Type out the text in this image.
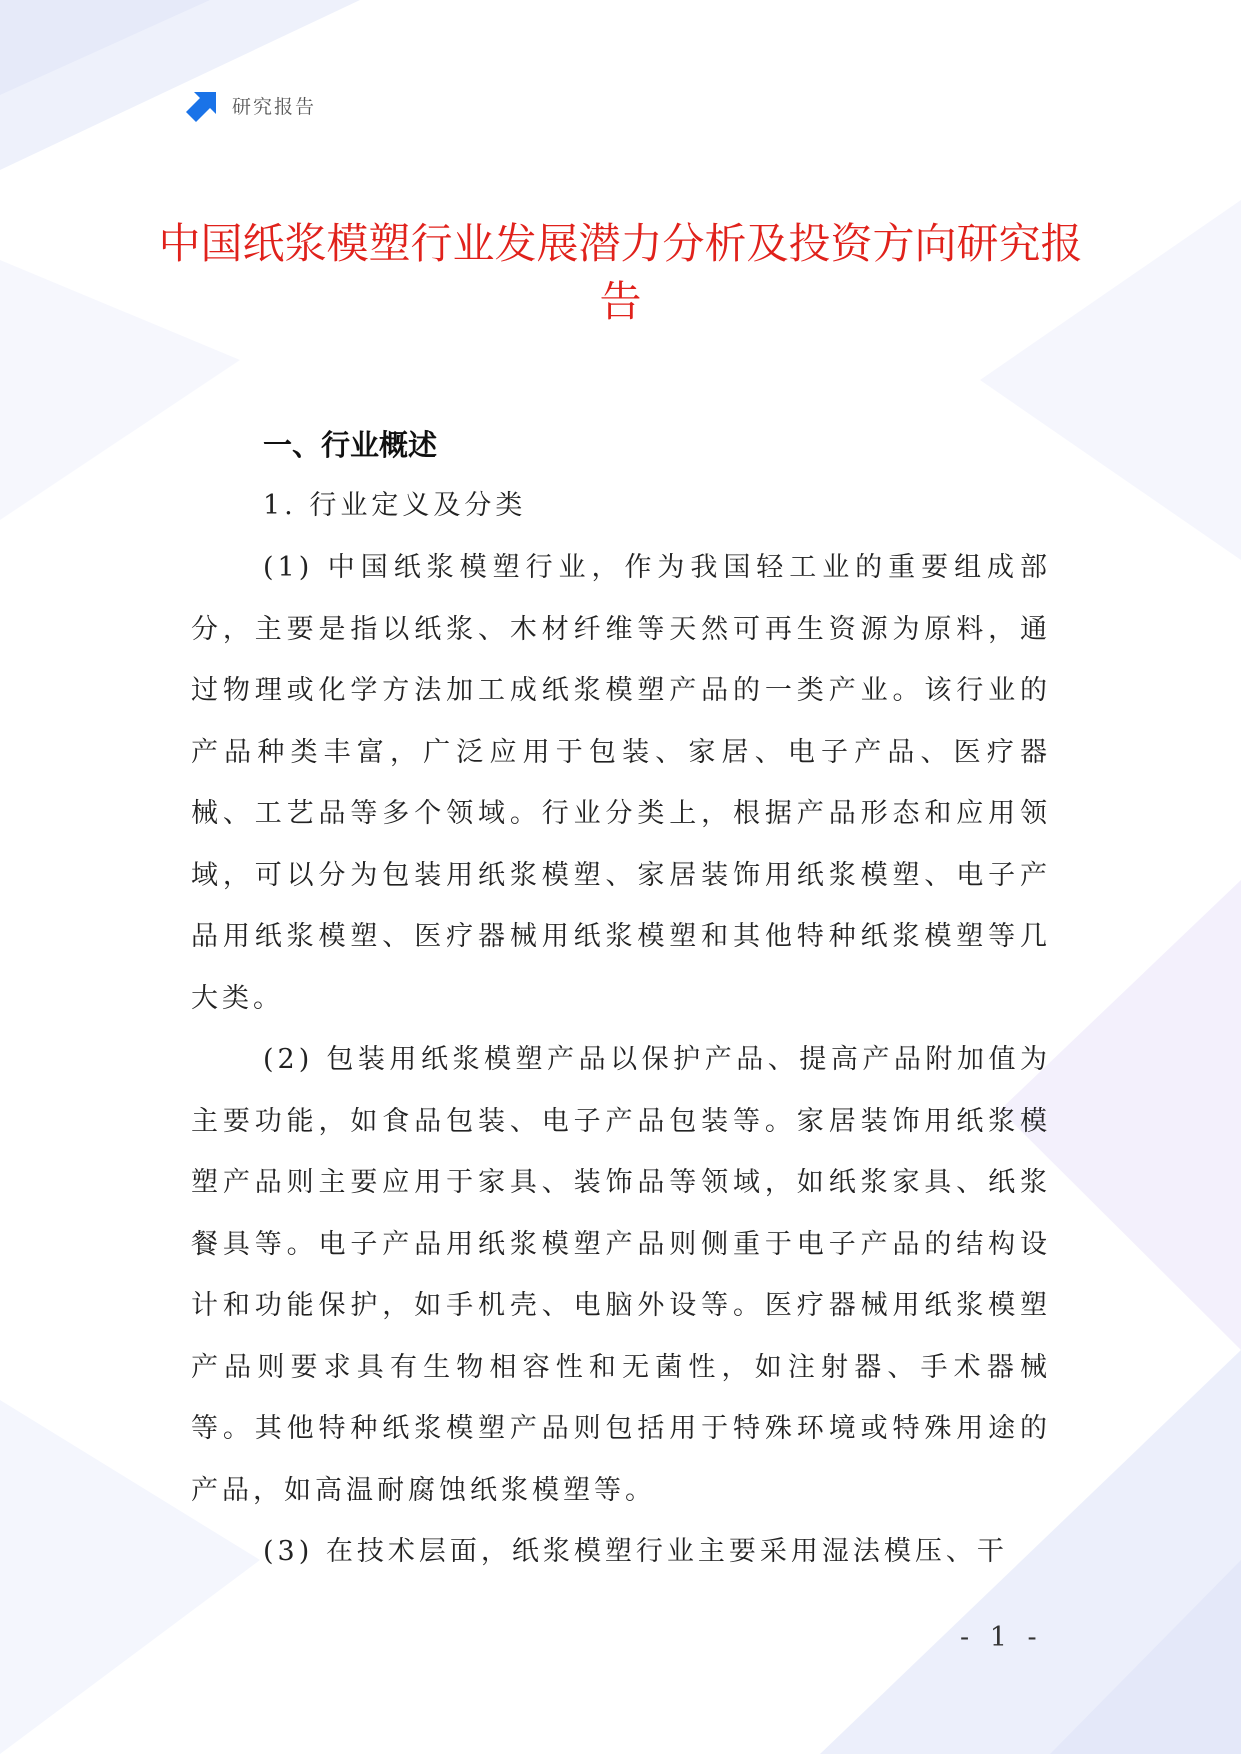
研究报告
中国纸浆模塑行业发展潜力分析及投资方向研究报告
一、行业概述
1. 行业定义及分类

(1) 中国纸浆模塑行业，作为我国轻工业的重要组成部分，主要是指以纸浆、木材纤维等天然可再生资源为原料，通过物理或化学方法加工成纸浆模塑产品的一类产业。该行业的产品种类丰富，广泛应用于包装、家居、电子产品、医疗器械、工艺品等多个领域。行业分类上，根据产品形态和应用领域，可以分为包装用纸浆模塑、家居装饰用纸浆模塑、电子产品用纸浆模塑、医疗器械用纸浆模塑和其他特种纸浆模塑等几大类。

(2) 包装用纸浆模塑产品以保护产品、提高产品附加值为主要功能，如食品包装、电子产品包装等。家居装饰用纸浆模塑产品则主要应用于家具、装饰品等领域，如纸浆家具、纸浆餐具等。电子产品用纸浆模塑产品则侧重于电子产品的结构设计和功能保护，如手机壳、电脑外设等。医疗器械用纸浆模塑产品则要求具有生物相容性和无菌性，如注射器、手术器械等。其他特种纸浆模塑产品则包括用于特殊环境或特殊用途的产品，如高温耐腐蚀纸浆模塑等。

(3) 在技术层面，纸浆模塑行业主要采用湿法模压、干

- 1 -
